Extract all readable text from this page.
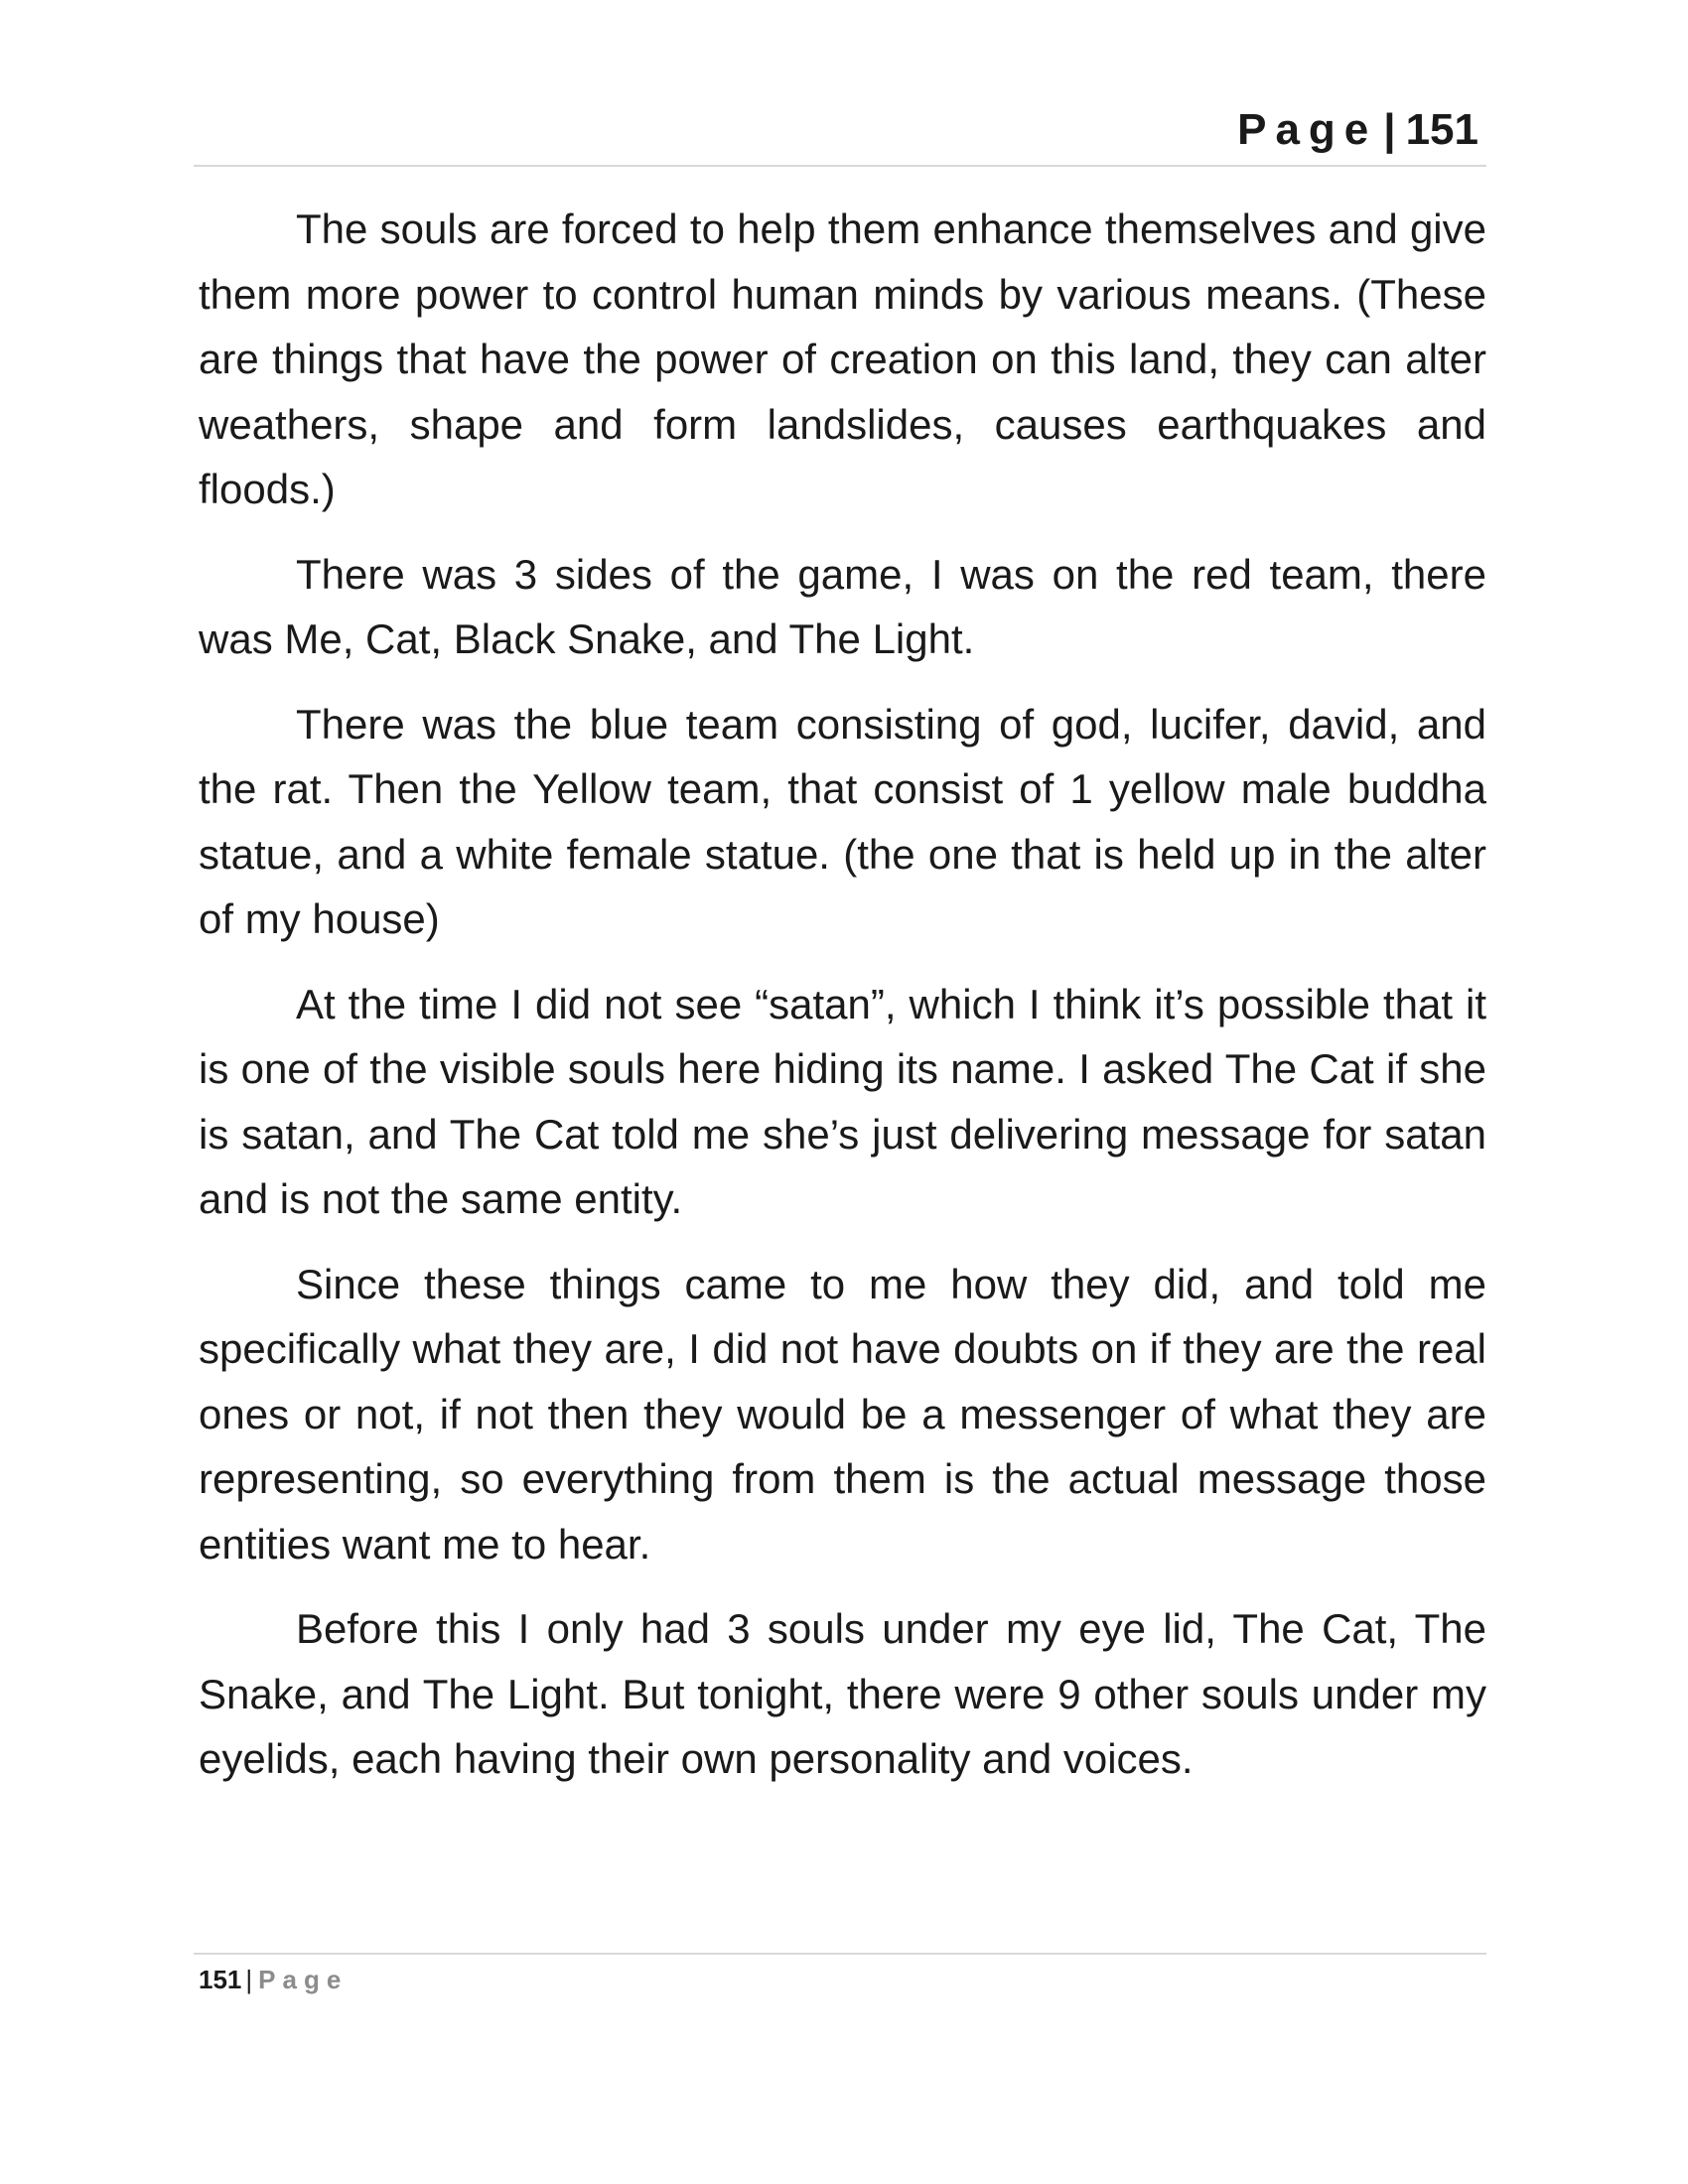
Page | 151

The souls are forced to help them enhance themselves and give them more power to control human minds by various means. (These are things that have the power of creation on this land, they can alter weathers, shape and form landslides, causes earthquakes and floods.)

There was 3 sides of the game, I was on the red team, there was Me, Cat, Black Snake, and The Light.

There was the blue team consisting of god, lucifer, david, and the rat. Then the Yellow team, that consist of 1 yellow male buddha statue, and a white female statue. (the one that is held up in the alter of my house)

At the time I did not see “satan”, which I think it’s possible that it is one of the visible souls here hiding its name. I asked The Cat if she is satan, and The Cat told me she’s just delivering message for satan and is not the same entity.

Since these things came to me how they did, and told me specifically what they are, I did not have doubts on if they are the real ones or not, if not then they would be a messenger of what they are representing, so everything from them is the actual message those entities want me to hear.

Before this I only had 3 souls under my eye lid, The Cat, The Snake, and The Light. But tonight, there were 9 other souls under my eyelids, each having their own personality and voices.

151 | Page
